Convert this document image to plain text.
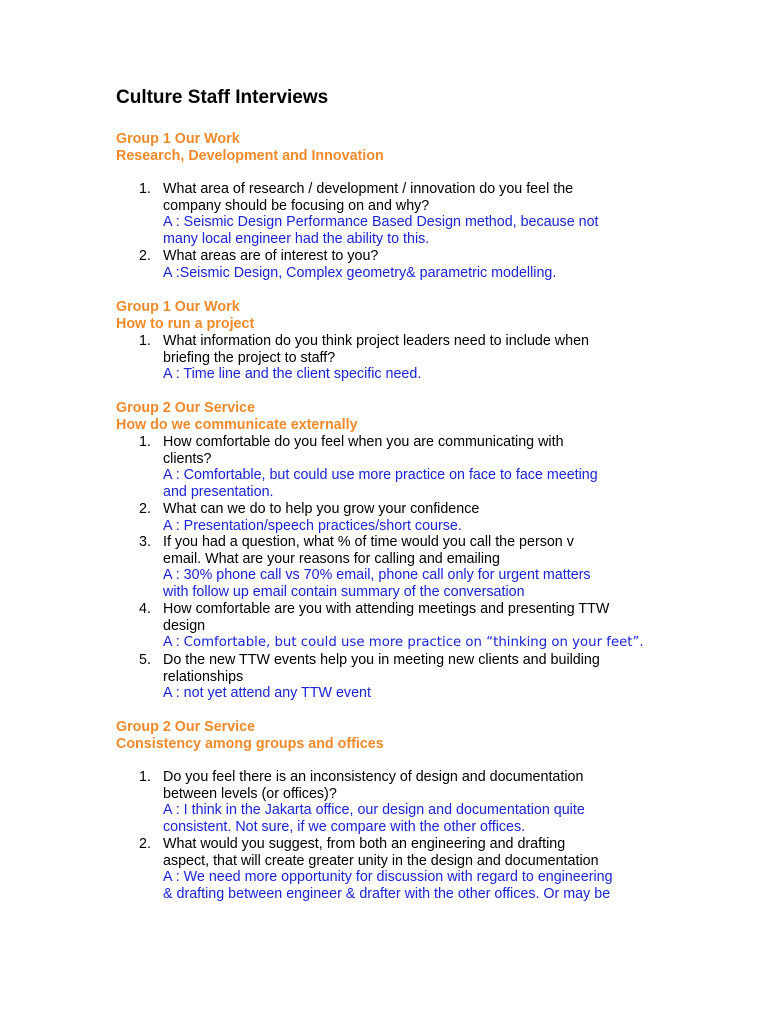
Culture Staff Interviews
Group 1 Our Work
Research, Development and Innovation
1. What area of research / development / innovation do you feel the
company should be focusing on and why?
A : Seismic Design Performance Based Design method, because not
many local engineer had the ability to this.
2. What areas are of interest to you?
A :Seismic Design, Complex geometry& parametric modelling.
Group 1 Our Work
How to run a project
1. What information do you think project leaders need to include when
briefing the project to staff?
A : Time line and the client specific need.
Group 2 Our Service
How do we communicate externally
1. How comfortable do you feel when you are communicating with
clients?
A : Comfortable, but could use more practice on face to face meeting
and presentation.
2. What can we do to help you grow your confidence
A : Presentation/speech practices/short course.
3. If you had a question, what % of time would you call the person v
email. What are your reasons for calling and emailing
A : 30% phone call vs 70% email, phone call only for urgent matters
with follow up email contain summary of the conversation
4. How comfortable are you with attending meetings and presenting TTW
design
A : Comfortable, but could use more practice on “thinking on your feet”.
5. Do the new TTW events help you in meeting new clients and building
relationships
A : not yet attend any TTW event
Group 2 Our Service
Consistency among groups and offices
1. Do you feel there is an inconsistency of design and documentation
between levels (or offices)?
A : I think in the Jakarta office, our design and documentation quite
consistent. Not sure, if we compare with the other offices.
2. What would you suggest, from both an engineering and drafting
aspect, that will create greater unity in the design and documentation
A : We need more opportunity for discussion with regard to engineering
& drafting between engineer & drafter with the other offices. Or may be
